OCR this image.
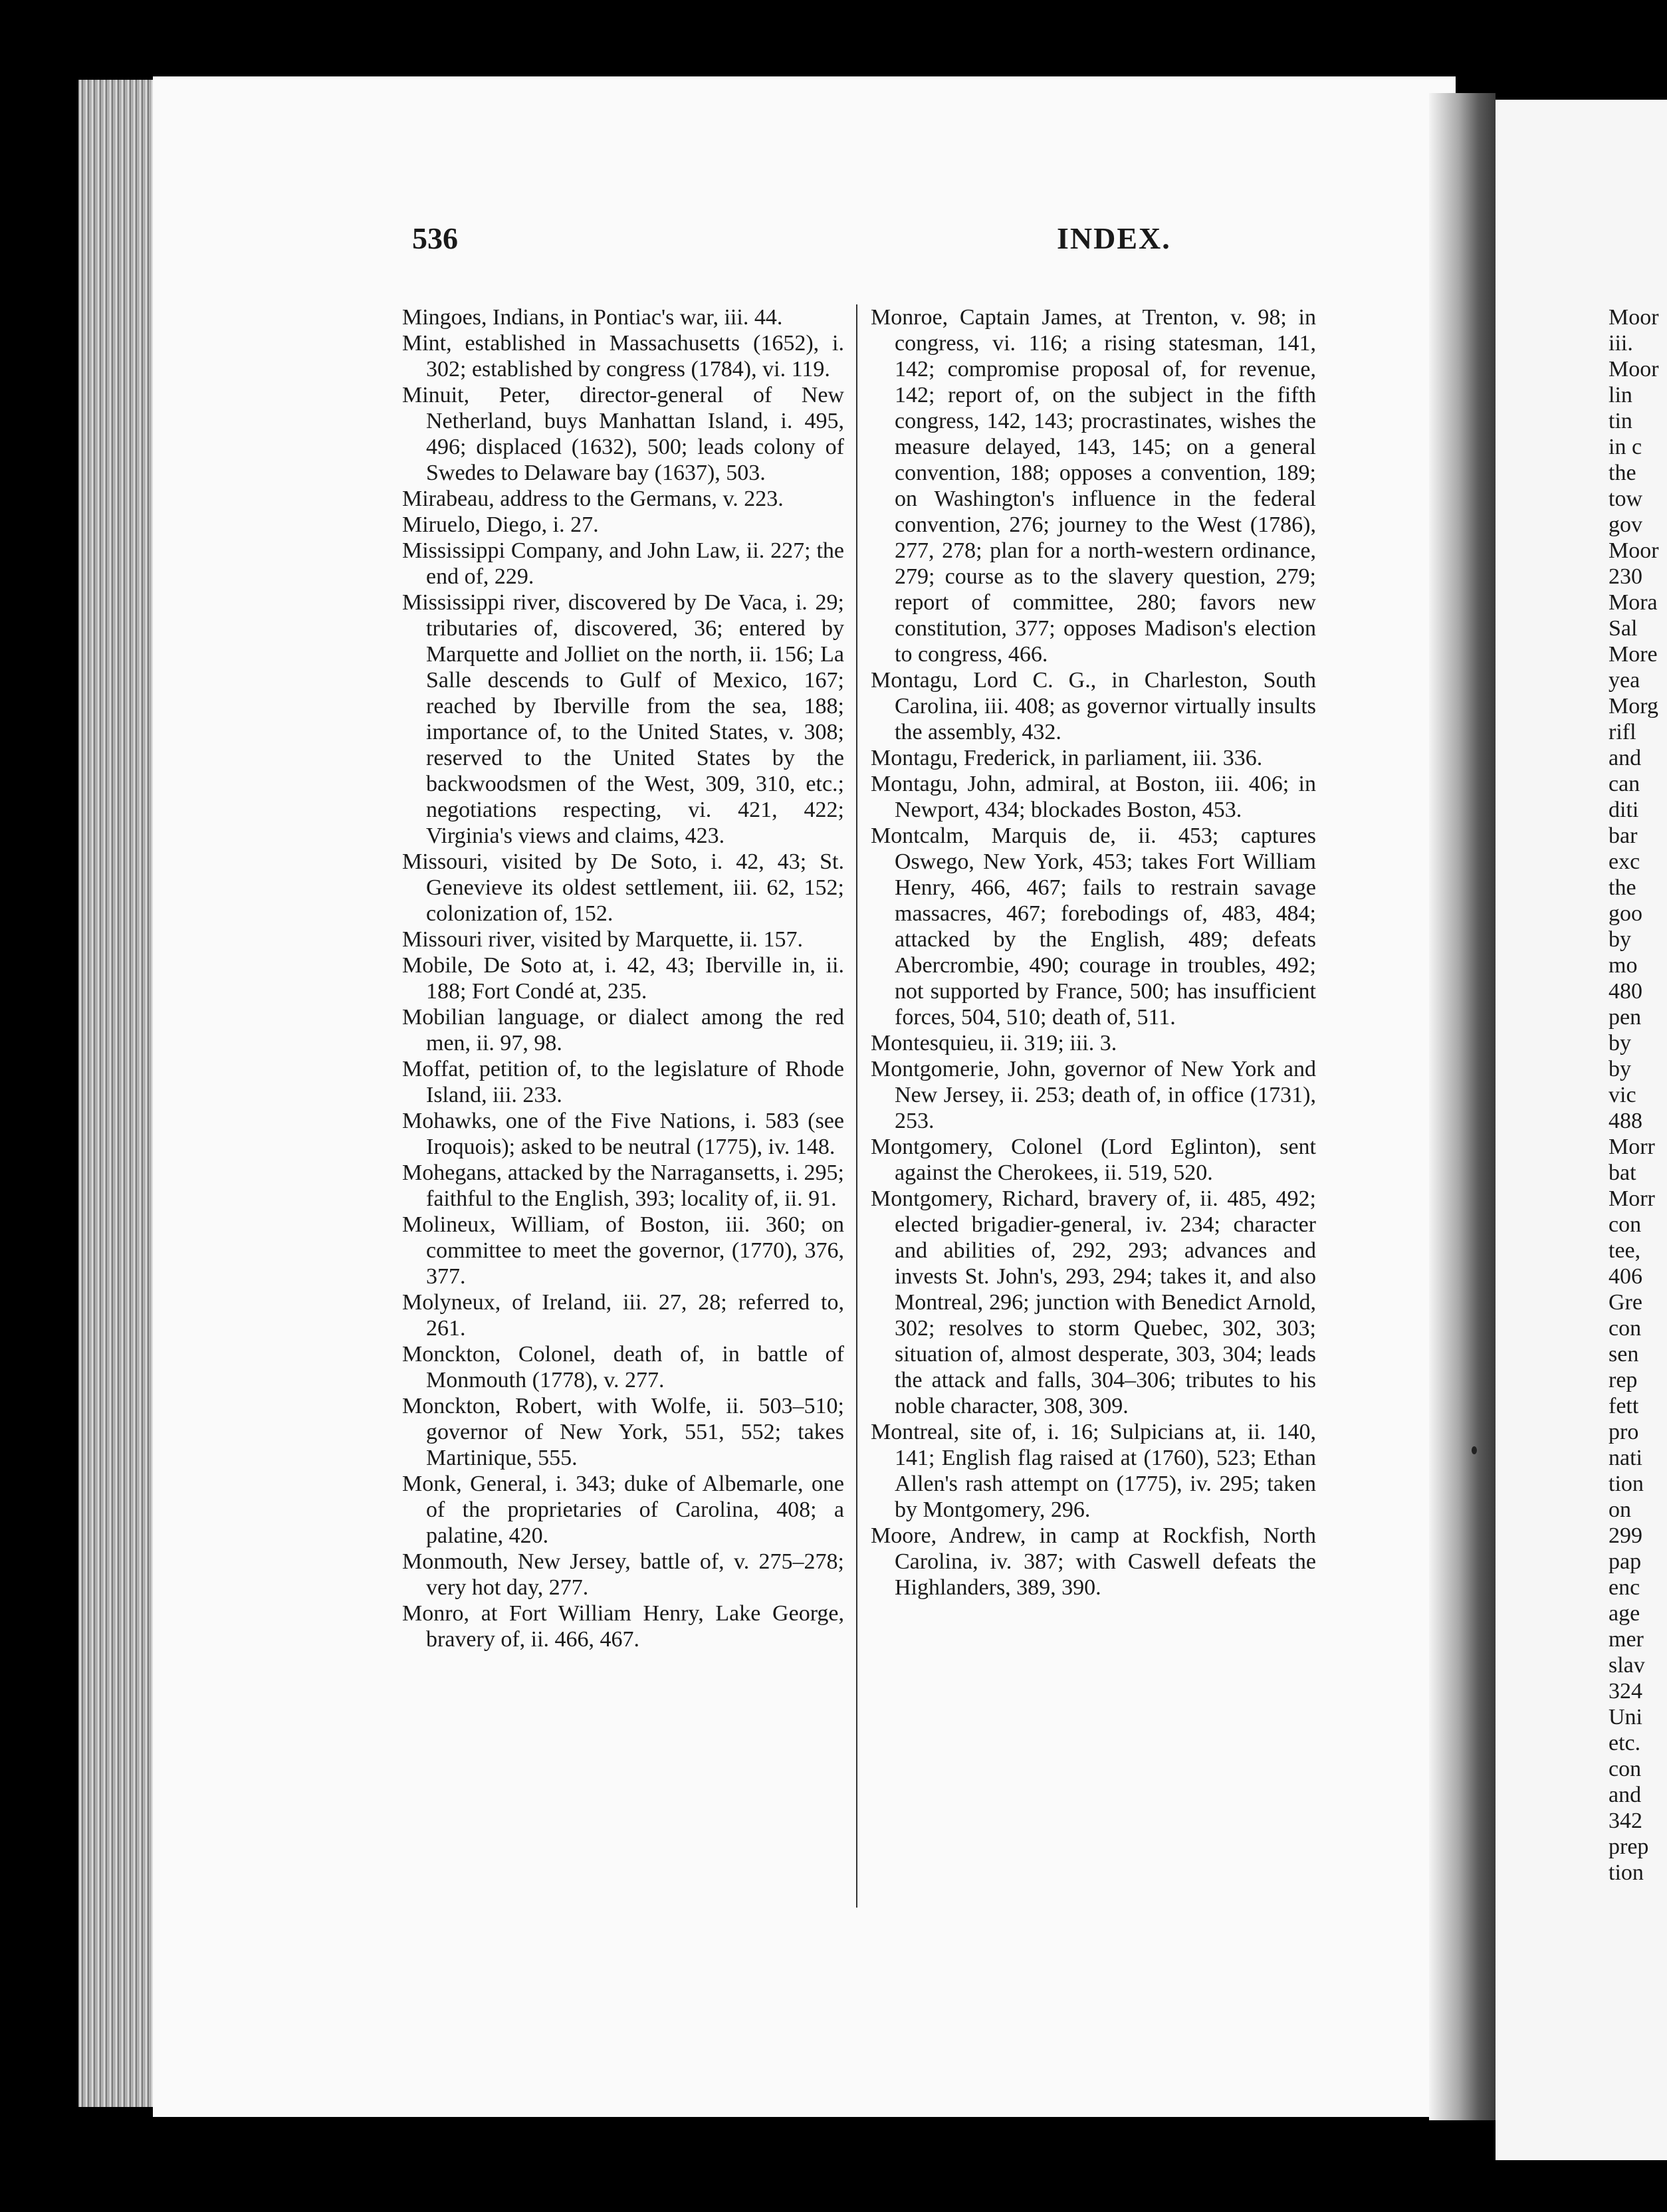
536	INDEX.

Mingoes, Indians, in Pontiac's war, iii. 44.

Mint, established in Massachusetts (1652), i. 302; established by congress (1784), vi. 119.

Minuit, Peter, director-general of New Netherland, buys Manhattan Island, i. 495, 496; displaced (1632), 500; leads colony of Swedes to Delaware bay (1637), 503.

Mirabeau, address to the Germans, v. 223.

Miruelo, Diego, i. 27.

Mississippi Company, and John Law, ii. 227; the end of, 229.

Mississippi river, discovered by De Vaca, i. 29; tributaries of, discovered, 36; entered by Marquette and Jolliet on the north, ii. 156; La Salle descends to Gulf of Mexico, 167; reached by Iberville from the sea, 188; importance of, to the United States, v. 308; reserved to the United States by the backwoodsmen of the West, 309, 310, etc.; negotiations respecting, vi. 421, 422; Virginia's views and claims, 423.

Missouri, visited by De Soto, i. 42, 43; St. Genevieve its oldest settlement, iii. 62, 152; colonization of, 152.

Missouri river, visited by Marquette, ii. 157.

Mobile, De Soto at, i. 42, 43; Iberville in, ii. 188; Fort Condé at, 235.

Mobilian language, or dialect among the red men, ii. 97, 98.

Moffat, petition of, to the legislature of Rhode Island, iii. 233.

Mohawks, one of the Five Nations, i. 583 (see Iroquois); asked to be neutral (1775), iv. 148.

Mohegans, attacked by the Narragansetts, i. 295; faithful to the English, 393; locality of, ii. 91.

Molineux, William, of Boston, iii. 360; on committee to meet the governor, (1770), 376, 377.

Molyneux, of Ireland, iii. 27, 28; referred to, 261.

Monckton, Colonel, death of, in battle of Monmouth (1778), v. 277.

Monckton, Robert, with Wolfe, ii. 503–510; governor of New York, 551, 552; takes Martinique, 555.

Monk, General, i. 343; duke of Albemarle, one of the proprietaries of Carolina, 408; a palatine, 420.

Monmouth, New Jersey, battle of, v. 275–278; very hot day, 277.

Monro, at Fort William Henry, Lake George, bravery of, ii. 466, 467.

Monroe, Captain James, at Trenton, v. 98; in congress, vi. 116; a rising statesman, 141, 142; compromise proposal of, for revenue, 142; report of, on the subject in the fifth congress, 142, 143; procrastinates, wishes the measure delayed, 143, 145; on a general convention, 188; opposes a convention, 189; on Washington's influence in the federal convention, 276; journey to the West (1786), 277, 278; plan for a north-western ordinance, 279; course as to the slavery question, 279; report of committee, 280; favors new constitution, 377; opposes Madison's election to congress, 466.

Montagu, Lord C. G., in Charleston, South Carolina, iii. 408; as governor virtually insults the assembly, 432.

Montagu, Frederick, in parliament, iii. 336.

Montagu, John, admiral, at Boston, iii. 406; in Newport, 434; blockades Boston, 453.

Montcalm, Marquis de, ii. 453; captures Oswego, New York, 453; takes Fort William Henry, 466, 467; fails to restrain savage massacres, 467; forebodings of, 483, 484; attacked by the English, 489; defeats Abercrombie, 490; courage in troubles, 492; not supported by France, 500; has insufficient forces, 504, 510; death of, 511.

Montesquieu, ii. 319; iii. 3.

Montgomerie, John, governor of New York and New Jersey, ii. 253; death of, in office (1731), 253.

Montgomery, Colonel (Lord Eglinton), sent against the Cherokees, ii. 519, 520.

Montgomery, Richard, bravery of, ii. 485, 492; elected brigadier-general, iv. 234; character and abilities of, 292, 293; advances and invests St. John's, 293, 294; takes it, and also Montreal, 296; junction with Benedict Arnold, 302; resolves to storm Quebec, 302, 303; situation of, almost desperate, 303, 304; leads the attack and falls, 304–306; tributes to his noble character, 308, 309.

Montreal, site of, i. 16; Sulpicians at, ii. 140, 141; English flag raised at (1760), 523; Ethan Allen's rash attempt on (1775), iv. 295; taken by Montgomery, 296.

Moore, Andrew, in camp at Rockfish, North Carolina, iv. 387; with Caswell defeats the Highlanders, 389, 390.

Moor
iii.
Moor
lin
tin
in c
the
tow
gov
Moor
230
Mora
Sal
More
yea
Morg
rifl
and
can
diti
bar
exc
the
goo
by
mo
480
pen
by
by
vic
488
Morr
bat
Morr
con
tee,
406
Gre
con
sen
rep
fett
pro
nati
tion
on
299
pap
enc
age
mer
slav
324
Uni
etc.
con
and
342
prep
tion
